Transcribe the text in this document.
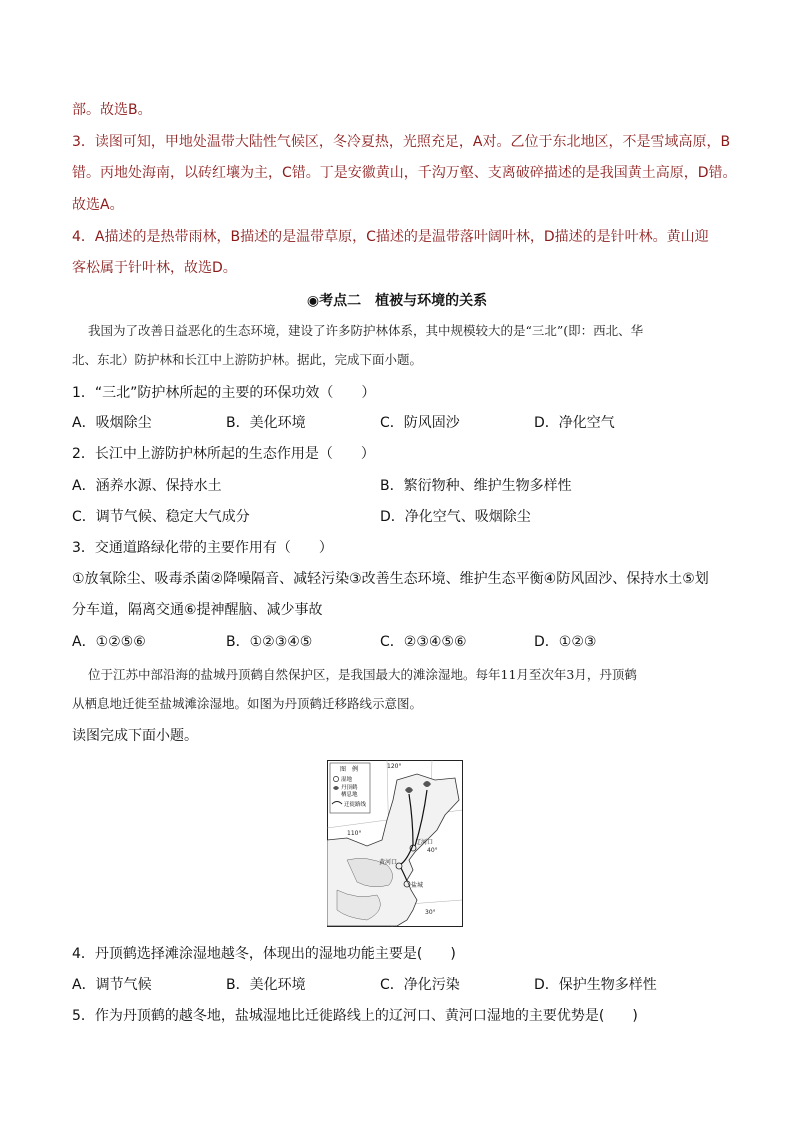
部。故选B。
3．读图可知，甲地处温带大陆性气候区，冬冷夏热，光照充足，A对。乙位于东北地区，不是雪域高原，B
错。丙地处海南，以砖红壤为主，C错。丁是安徽黄山，千沟万壑、支离破碎描述的是我国黄土高原，D错。
故选A。
4．A描述的是热带雨林，B描述的是温带草原，C描述的是温带落叶阔叶林，D描述的是针叶林。黄山迎
客松属于针叶林，故选D。
◉考点二　植被与环境的关系
我国为了改善日益恶化的生态环境，建设了许多防护林体系，其中规模较大的是“三北”(即：西北、华
北、东北）防护林和长江中上游防护林。据此，完成下面小题。
1．“三北”防护林所起的主要的环保功效（　　）
A．吸烟除尘	B．美化环境	C．防风固沙	D．净化空气
2．长江中上游防护林所起的生态作用是（　　）
A．涵养水源、保持水土	B．繁衍物种、维护生物多样性
C．调节气候、稳定大气成分	D．净化空气、吸烟除尘
3．交通道路绿化带的主要作用有（　　）
①放氧除尘、吸毒杀菌②降噪隔音、减轻污染③改善生态环境、维护生态平衡④防风固沙、保持水土⑤划
分车道，隔离交通⑥提神醒脑、减少事故
A．①②⑤⑥	B．①②③④⑤	C．②③④⑤⑥	D．①②③
位于江苏中部沿海的盐城丹顶鹤自然保护区，是我国最大的滩涂湿地。每年11月至次年3月，丹顶鹤
从栖息地迁徙至盐城滩涂湿地。如图为丹顶鹤迁移路线示意图。
读图完成下面小题。
图　例
湿地
丹顶鹤
栖息地
迁徙路线
120°
110°
40°
30°
辽河口
黄河口
盐城
4．丹顶鹤选择滩涂湿地越冬，体现出的湿地功能主要是(　　)
A．调节气候	B．美化环境	C．净化污染	D．保护生物多样性
5．作为丹顶鹤的越冬地，盐城湿地比迁徙路线上的辽河口、黄河口湿地的主要优势是(　　)
